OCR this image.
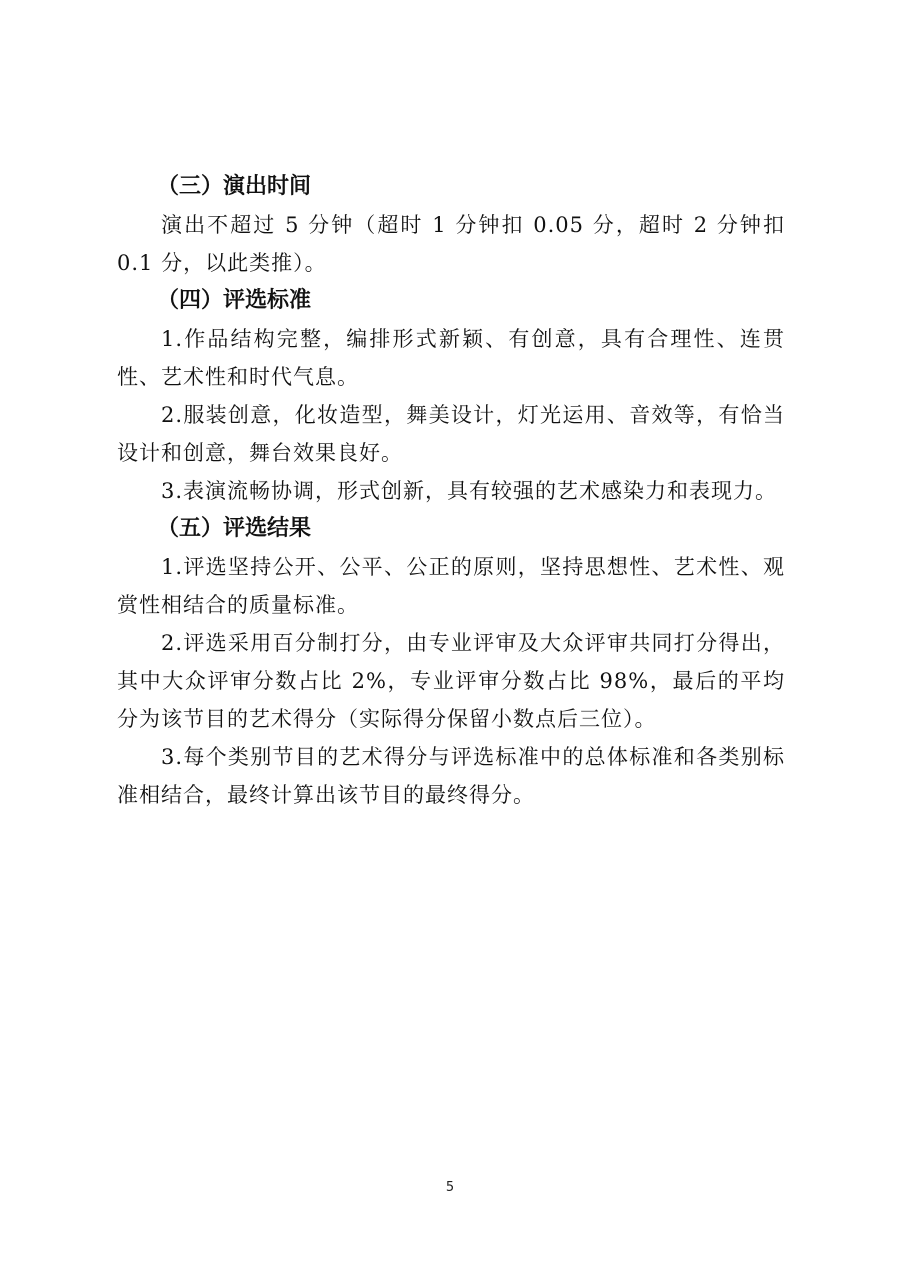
（三）演出时间

演出不超过 5 分钟（超时 1 分钟扣 0.05 分，超时 2 分钟扣 0.1 分，以此类推）。

（四）评选标准

1.作品结构完整，编排形式新颖、有创意，具有合理性、连贯性、艺术性和时代气息。

2.服装创意，化妆造型，舞美设计，灯光运用、音效等，有恰当设计和创意，舞台效果良好。

3.表演流畅协调，形式创新，具有较强的艺术感染力和表现力。

（五）评选结果

1.评选坚持公开、公平、公正的原则，坚持思想性、艺术性、观赏性相结合的质量标准。

2.评选采用百分制打分，由专业评审及大众评审共同打分得出，其中大众评审分数占比 2%，专业评审分数占比 98%，最后的平均分为该节目的艺术得分（实际得分保留小数点后三位）。

3.每个类别节目的艺术得分与评选标准中的总体标准和各类别标准相结合，最终计算出该节目的最终得分。

5
